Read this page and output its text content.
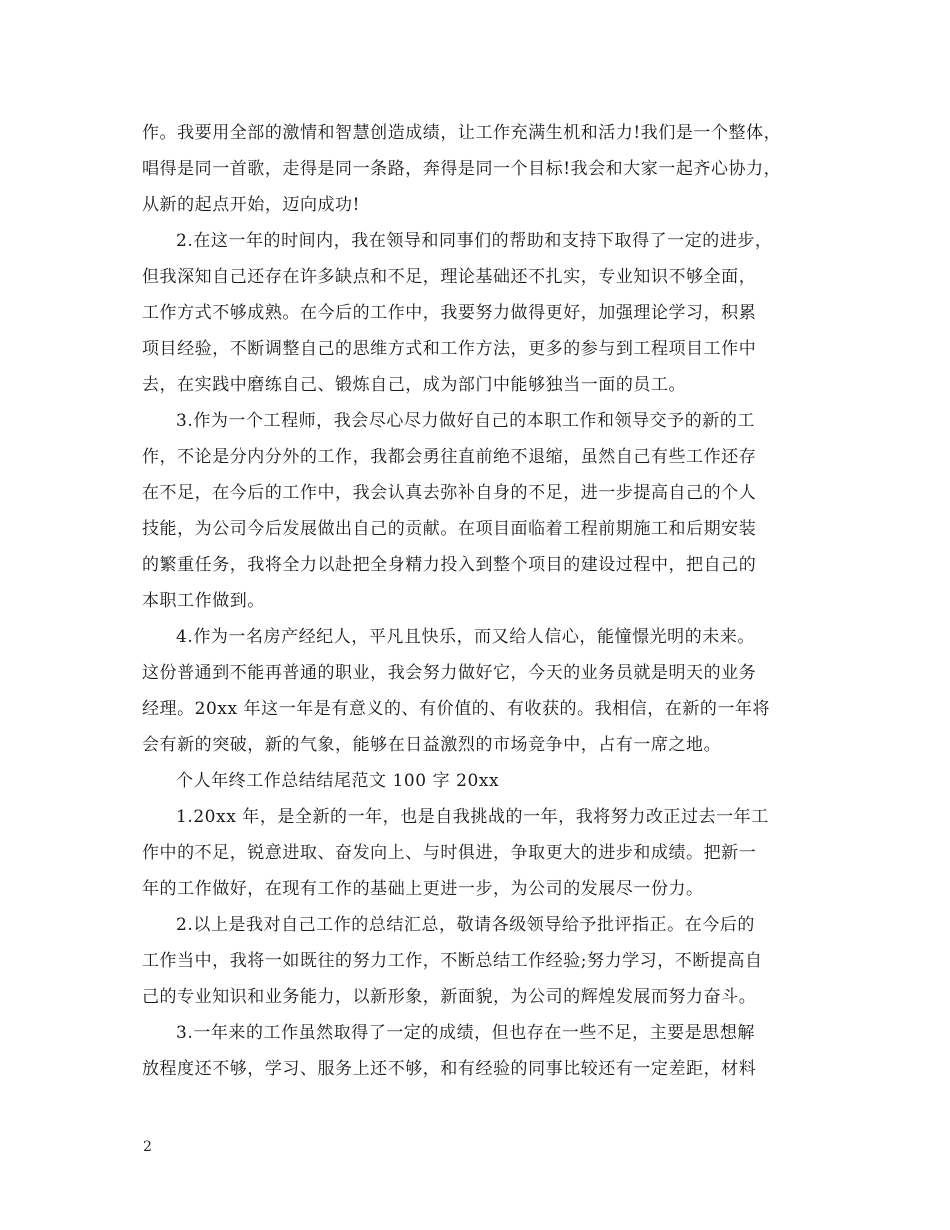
作。我要用全部的激情和智慧创造成绩，让工作充满生机和活力!我们是一个整体，
唱得是同一首歌，走得是同一条路，奔得是同一个目标!我会和大家一起齐心协力，
从新的起点开始，迈向成功!
2.在这一年的时间内，我在领导和同事们的帮助和支持下取得了一定的进步，
但我深知自己还存在许多缺点和不足，理论基础还不扎实，专业知识不够全面，
工作方式不够成熟。在今后的工作中，我要努力做得更好，加强理论学习，积累
项目经验，不断调整自己的思维方式和工作方法，更多的参与到工程项目工作中
去，在实践中磨练自己、锻炼自己，成为部门中能够独当一面的员工。
3.作为一个工程师，我会尽心尽力做好自己的本职工作和领导交予的新的工
作，不论是分内分外的工作，我都会勇往直前绝不退缩，虽然自己有些工作还存
在不足，在今后的工作中，我会认真去弥补自身的不足，进一步提高自己的个人
技能，为公司今后发展做出自己的贡献。在项目面临着工程前期施工和后期安装
的繁重任务，我将全力以赴把全身精力投入到整个项目的建设过程中，把自己的
本职工作做到。
4.作为一名房产经纪人，平凡且快乐，而又给人信心，能憧憬光明的未来。
这份普通到不能再普通的职业，我会努力做好它，今天的业务员就是明天的业务
经理。20xx 年这一年是有意义的、有价值的、有收获的。我相信，在新的一年将
会有新的突破，新的气象，能够在日益激烈的市场竞争中，占有一席之地。
个人年终工作总结结尾范文 100 字 20xx
1.20xx 年，是全新的一年，也是自我挑战的一年，我将努力改正过去一年工
作中的不足，锐意进取、奋发向上、与时俱进，争取更大的进步和成绩。把新一
年的工作做好，在现有工作的基础上更进一步，为公司的发展尽一份力。
2.以上是我对自己工作的总结汇总，敬请各级领导给予批评指正。在今后的
工作当中，我将一如既往的努力工作，不断总结工作经验;努力学习，不断提高自
己的专业知识和业务能力，以新形象，新面貌，为公司的辉煌发展而努力奋斗。
3.一年来的工作虽然取得了一定的成绩，但也存在一些不足，主要是思想解
放程度还不够，学习、服务上还不够，和有经验的同事比较还有一定差距，材料
2
